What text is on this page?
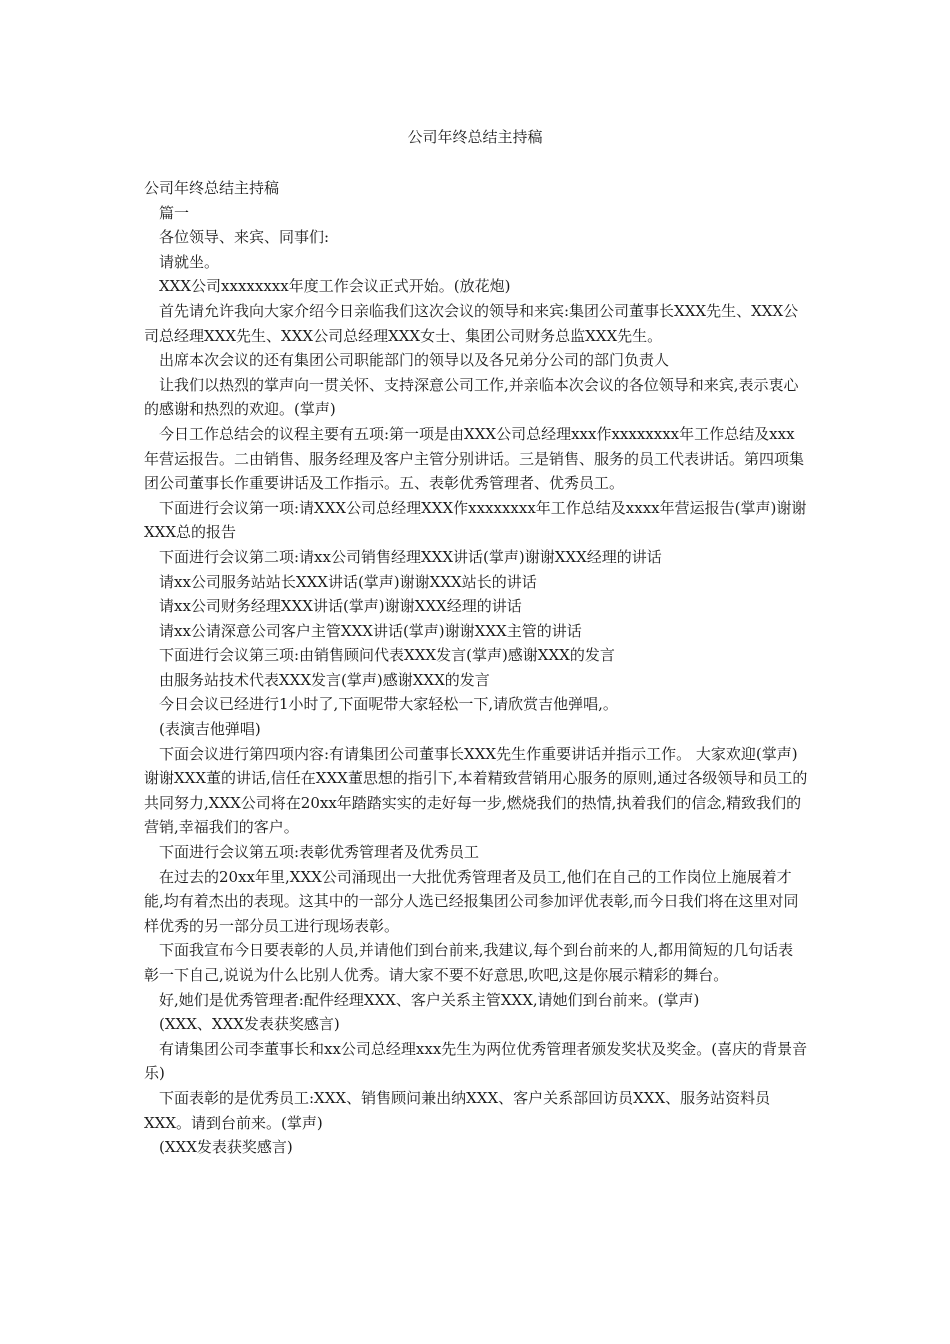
公司年终总结主持稿

公司年终总结主持稿

篇一

各位领导、来宾、同事们:

请就坐。

XXX公司xxxxxxxx年度工作会议正式开始。(放花炮)

首先请允许我向大家介绍今日亲临我们这次会议的领导和来宾:集团公司董事长XXX先生、XXX公司总经理XXX先生、XXX公司总经理XXX女士、集团公司财务总监XXX先生。

出席本次会议的还有集团公司职能部门的领导以及各兄弟分公司的部门负责人

让我们以热烈的掌声向一贯关怀、支持深意公司工作,并亲临本次会议的各位领导和来宾,表示衷心的感谢和热烈的欢迎。(掌声)

今日工作总结会的议程主要有五项:第一项是由XXX公司总经理xxx作xxxxxxxx年工作总结及xxx年营运报告。二由销售、服务经理及客户主管分别讲话。三是销售、服务的员工代表讲话。第四项集团公司董事长作重要讲话及工作指示。五、表彰优秀管理者、优秀员工。

下面进行会议第一项:请XXX公司总经理XXX作xxxxxxxx年工作总结及xxxx年营运报告(掌声)谢谢XXX总的报告

下面进行会议第二项:请xx公司销售经理XXX讲话(掌声)谢谢XXX经理的讲话

请xx公司服务站站长XXX讲话(掌声)谢谢XXX站长的讲话

请xx公司财务经理XXX讲话(掌声)谢谢XXX经理的讲话

请xx公请深意公司客户主管XXX讲话(掌声)谢谢XXX主管的讲话

下面进行会议第三项:由销售顾问代表XXX发言(掌声)感谢XXX的发言

由服务站技术代表XXX发言(掌声)感谢XXX的发言

今日会议已经进行1小时了,下面呢带大家轻松一下,请欣赏吉他弹唱,。

(表演吉他弹唱)

下面会议进行第四项内容:有请集团公司董事长XXX先生作重要讲话并指示工作。 大家欢迎(掌声)谢谢XXX董的讲话,信任在XXX董思想的指引下,本着精致营销用心服务的原则,通过各级领导和员工的共同努力,XXX公司将在20xx年踏踏实实的走好每一步,燃烧我们的热情,执着我们的信念,精致我们的营销,幸福我们的客户。

下面进行会议第五项:表彰优秀管理者及优秀员工

在过去的20xx年里,XXX公司涌现出一大批优秀管理者及员工,他们在自己的工作岗位上施展着才能,均有着杰出的表现。这其中的一部分人选已经报集团公司参加评优表彰,而今日我们将在这里对同样优秀的另一部分员工进行现场表彰。

下面我宣布今日要表彰的人员,并请他们到台前来,我建议,每个到台前来的人,都用简短的几句话表彰一下自己,说说为什么比别人优秀。请大家不要不好意思,吹吧,这是你展示精彩的舞台。

好,她们是优秀管理者:配件经理XXX、客户关系主管XXX,请她们到台前来。(掌声)

(XXX、XXX发表获奖感言)

有请集团公司李董事长和xx公司总经理xxx先生为两位优秀管理者颁发奖状及奖金。(喜庆的背景音乐)

下面表彰的是优秀员工:XXX、销售顾问兼出纳XXX、客户关系部回访员XXX、服务站资料员XXX。请到台前来。(掌声)

(XXX发表获奖感言)
